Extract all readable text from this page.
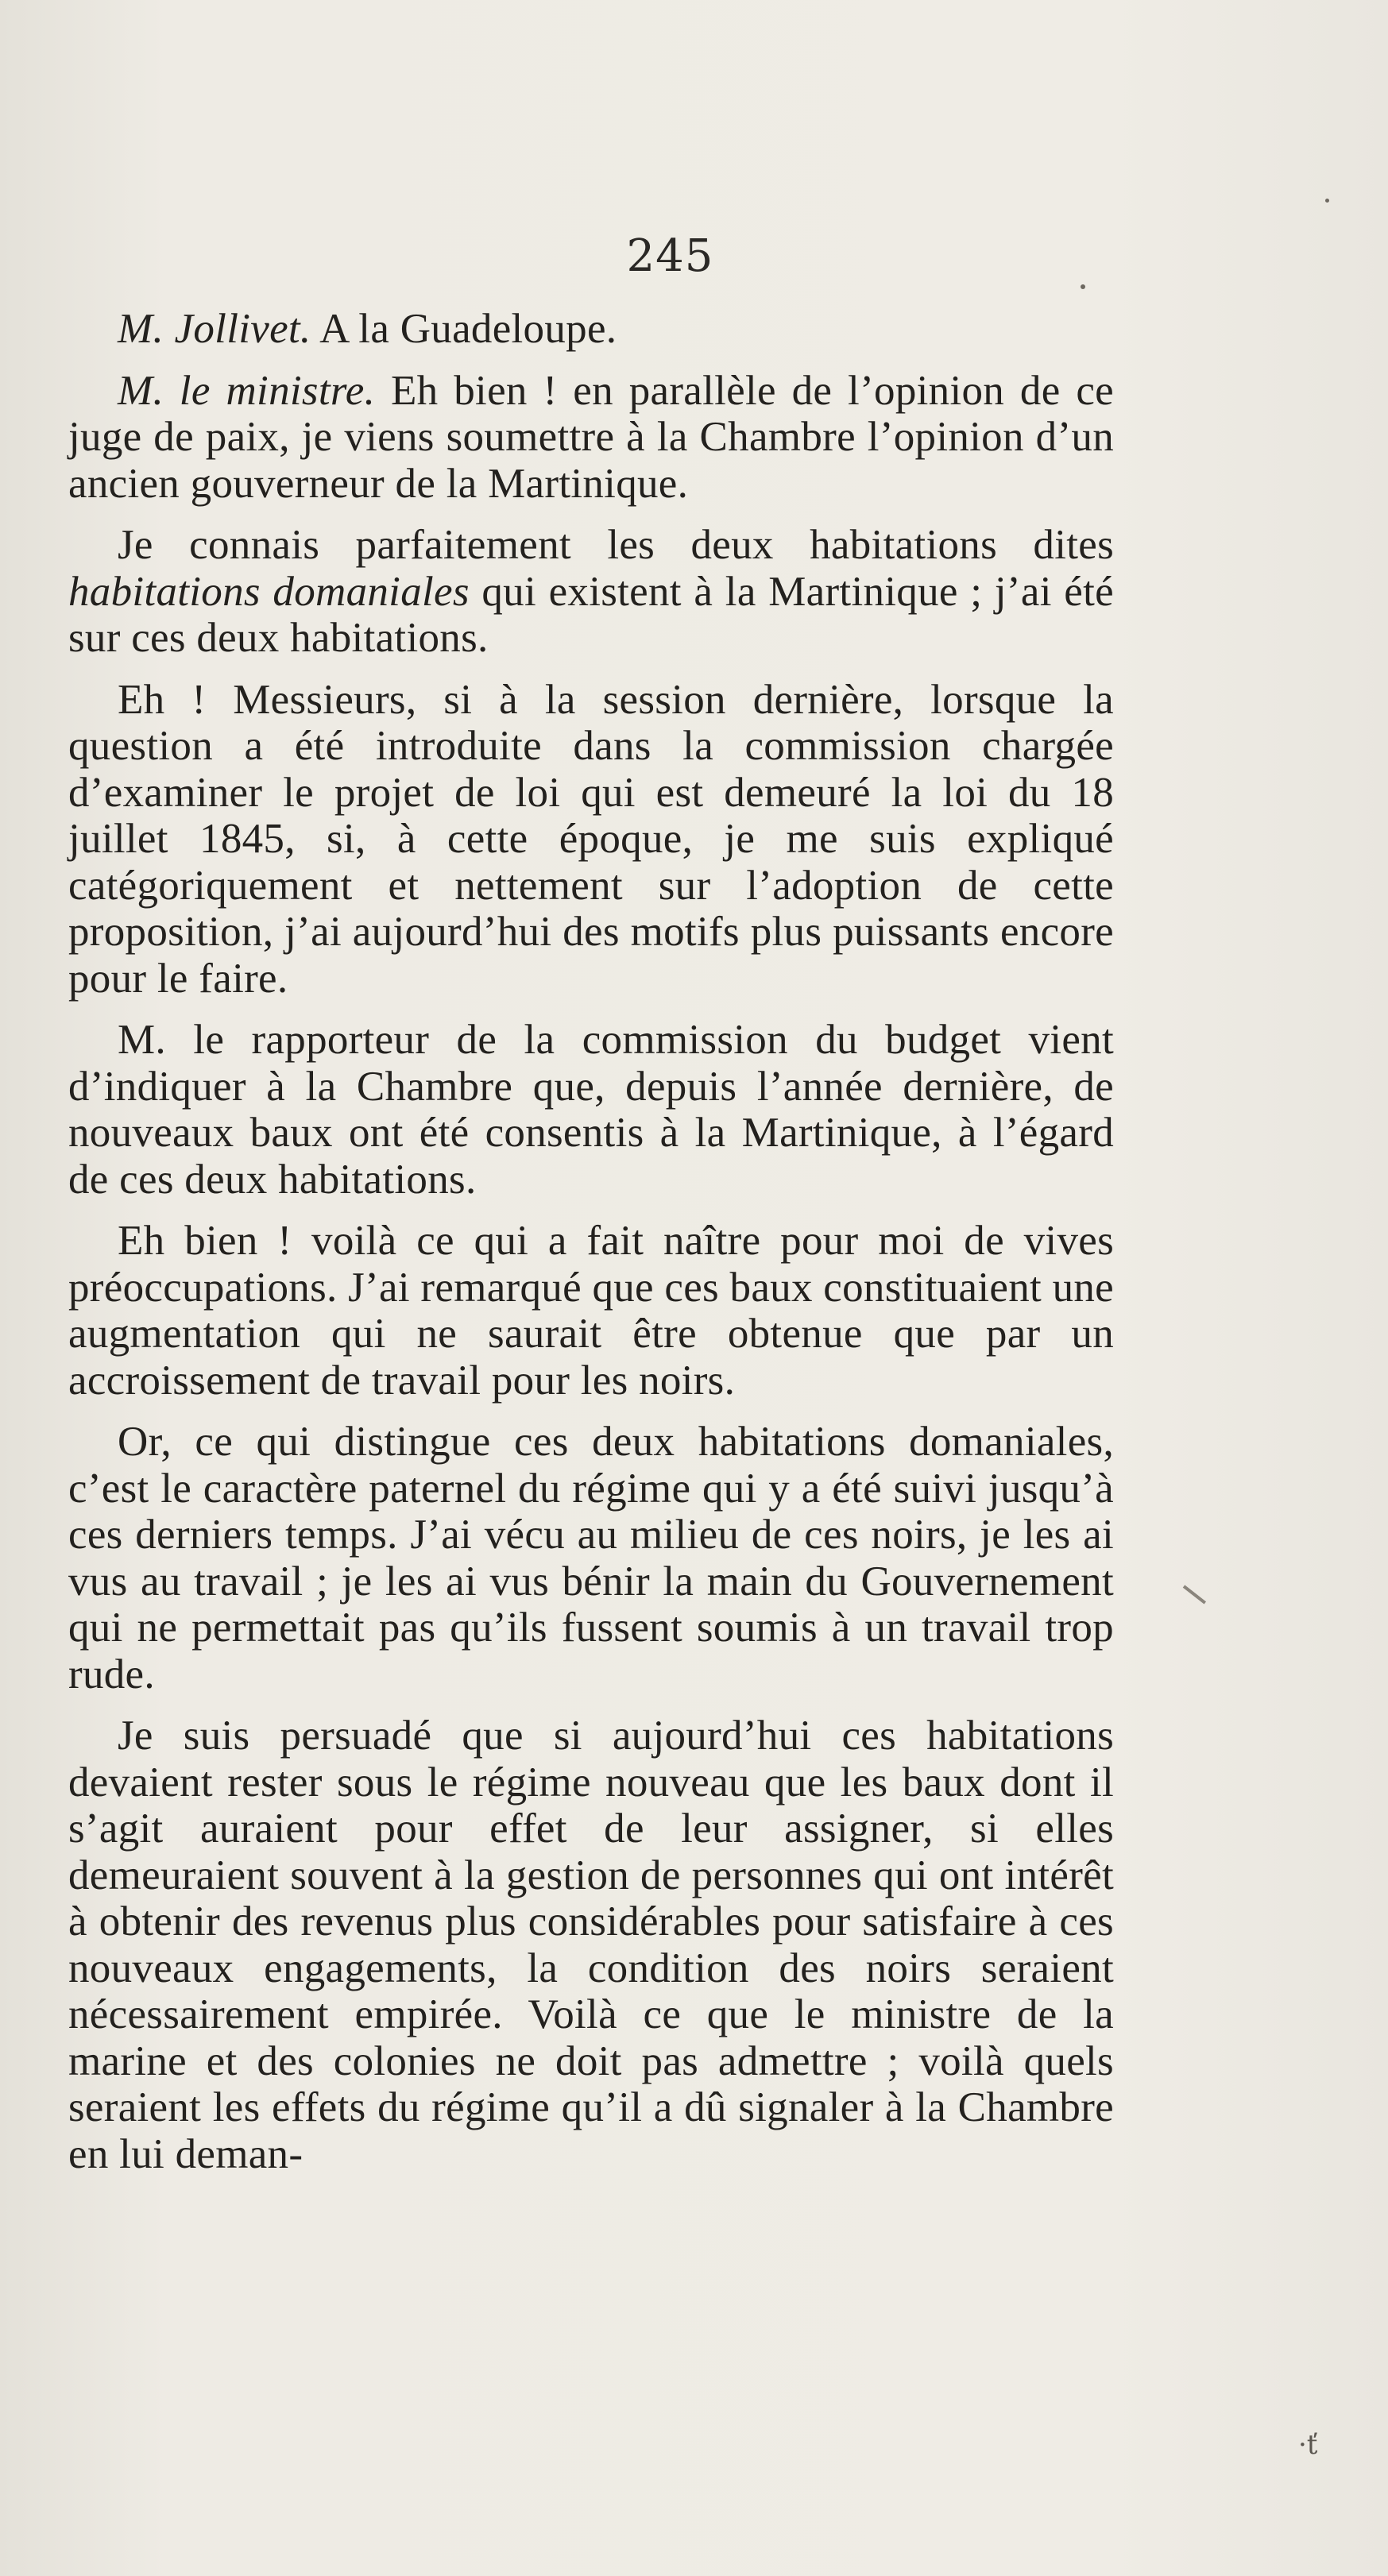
245

M. Jollivet. A la Guadeloupe.

M. le ministre. Eh bien ! en parallèle de l’opinion de ce juge de paix, je viens soumettre à la Chambre l’opinion d’un ancien gouverneur de la Martinique.

Je connais parfaitement les deux habitations dites habitations domaniales qui existent à la Martinique ; j’ai été sur ces deux habitations.

Eh ! Messieurs, si à la session dernière, lorsque la question a été introduite dans la commission chargée d’examiner le projet de loi qui est demeuré la loi du 18 juillet 1845, si, à cette époque, je me suis expliqué catégoriquement et nettement sur l’adoption de cette proposition, j’ai aujourd’hui des motifs plus puissants encore pour le faire.

M. le rapporteur de la commission du budget vient d’indiquer à la Chambre que, depuis l’année dernière, de nouveaux baux ont été consentis à la Martinique, à l’égard de ces deux habitations.

Eh bien ! voilà ce qui a fait naître pour moi de vives préoccupations. J’ai remarqué que ces baux constituaient une augmentation qui ne saurait être obtenue que par un accroissement de travail pour les noirs.

Or, ce qui distingue ces deux habitations domaniales, c’est le caractère paternel du régime qui y a été suivi jusqu’à ces derniers temps. J’ai vécu au milieu de ces noirs, je les ai vus au travail ; je les ai vus bénir la main du Gouvernement qui ne permettait pas qu’ils fussent soumis à un travail trop rude.

Je suis persuadé que si aujourd’hui ces habitations devaient rester sous le régime nouveau que les baux dont il s’agit auraient pour effet de leur assigner, si elles demeuraient souvent à la gestion de personnes qui ont intérêt à obtenir des revenus plus considérables pour satisfaire à ces nouveaux engagements, la condition des noirs seraient nécessairement empirée. Voilà ce que le ministre de la marine et des colonies ne doit pas admettre ; voilà quels seraient les effets du régime qu’il a dû signaler à la Chambre en lui deman-

·ť
